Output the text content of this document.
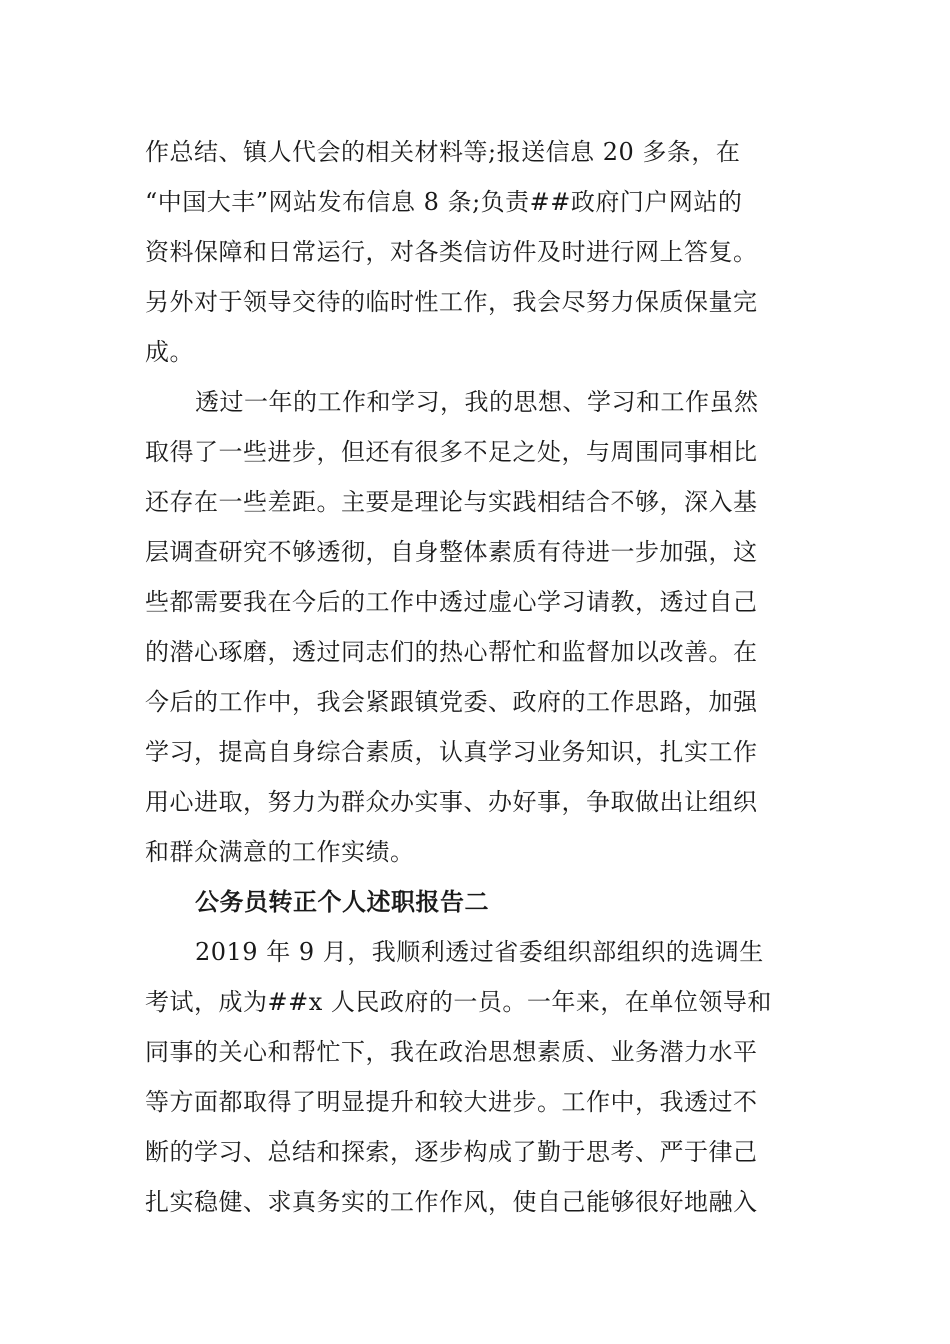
作总结、镇人代会的相关材料等;报送信息 20 多条，在
“中国大丰”网站发布信息 8 条;负责##政府门户网站的
资料保障和日常运行，对各类信访件及时进行网上答复。
另外对于领导交待的临时性工作，我会尽努力保质保量完
成。
透过一年的工作和学习，我的思想、学习和工作虽然
取得了一些进步，但还有很多不足之处，与周围同事相比
还存在一些差距。主要是理论与实践相结合不够，深入基
层调查研究不够透彻，自身整体素质有待进一步加强，这
些都需要我在今后的工作中透过虚心学习请教，透过自己
的潜心琢磨，透过同志们的热心帮忙和监督加以改善。在
今后的工作中，我会紧跟镇党委、政府的工作思路，加强
学习，提高自身综合素质，认真学习业务知识，扎实工作
用心进取，努力为群众办实事、办好事，争取做出让组织
和群众满意的工作实绩。
公务员转正个人述职报告二
2019 年 9 月，我顺利透过省委组织部组织的选调生
考试，成为##x 人民政府的一员。一年来，在单位领导和
同事的关心和帮忙下，我在政治思想素质、业务潜力水平
等方面都取得了明显提升和较大进步。工作中，我透过不
断的学习、总结和探索，逐步构成了勤于思考、严于律己
扎实稳健、求真务实的工作作风，使自己能够很好地融入
